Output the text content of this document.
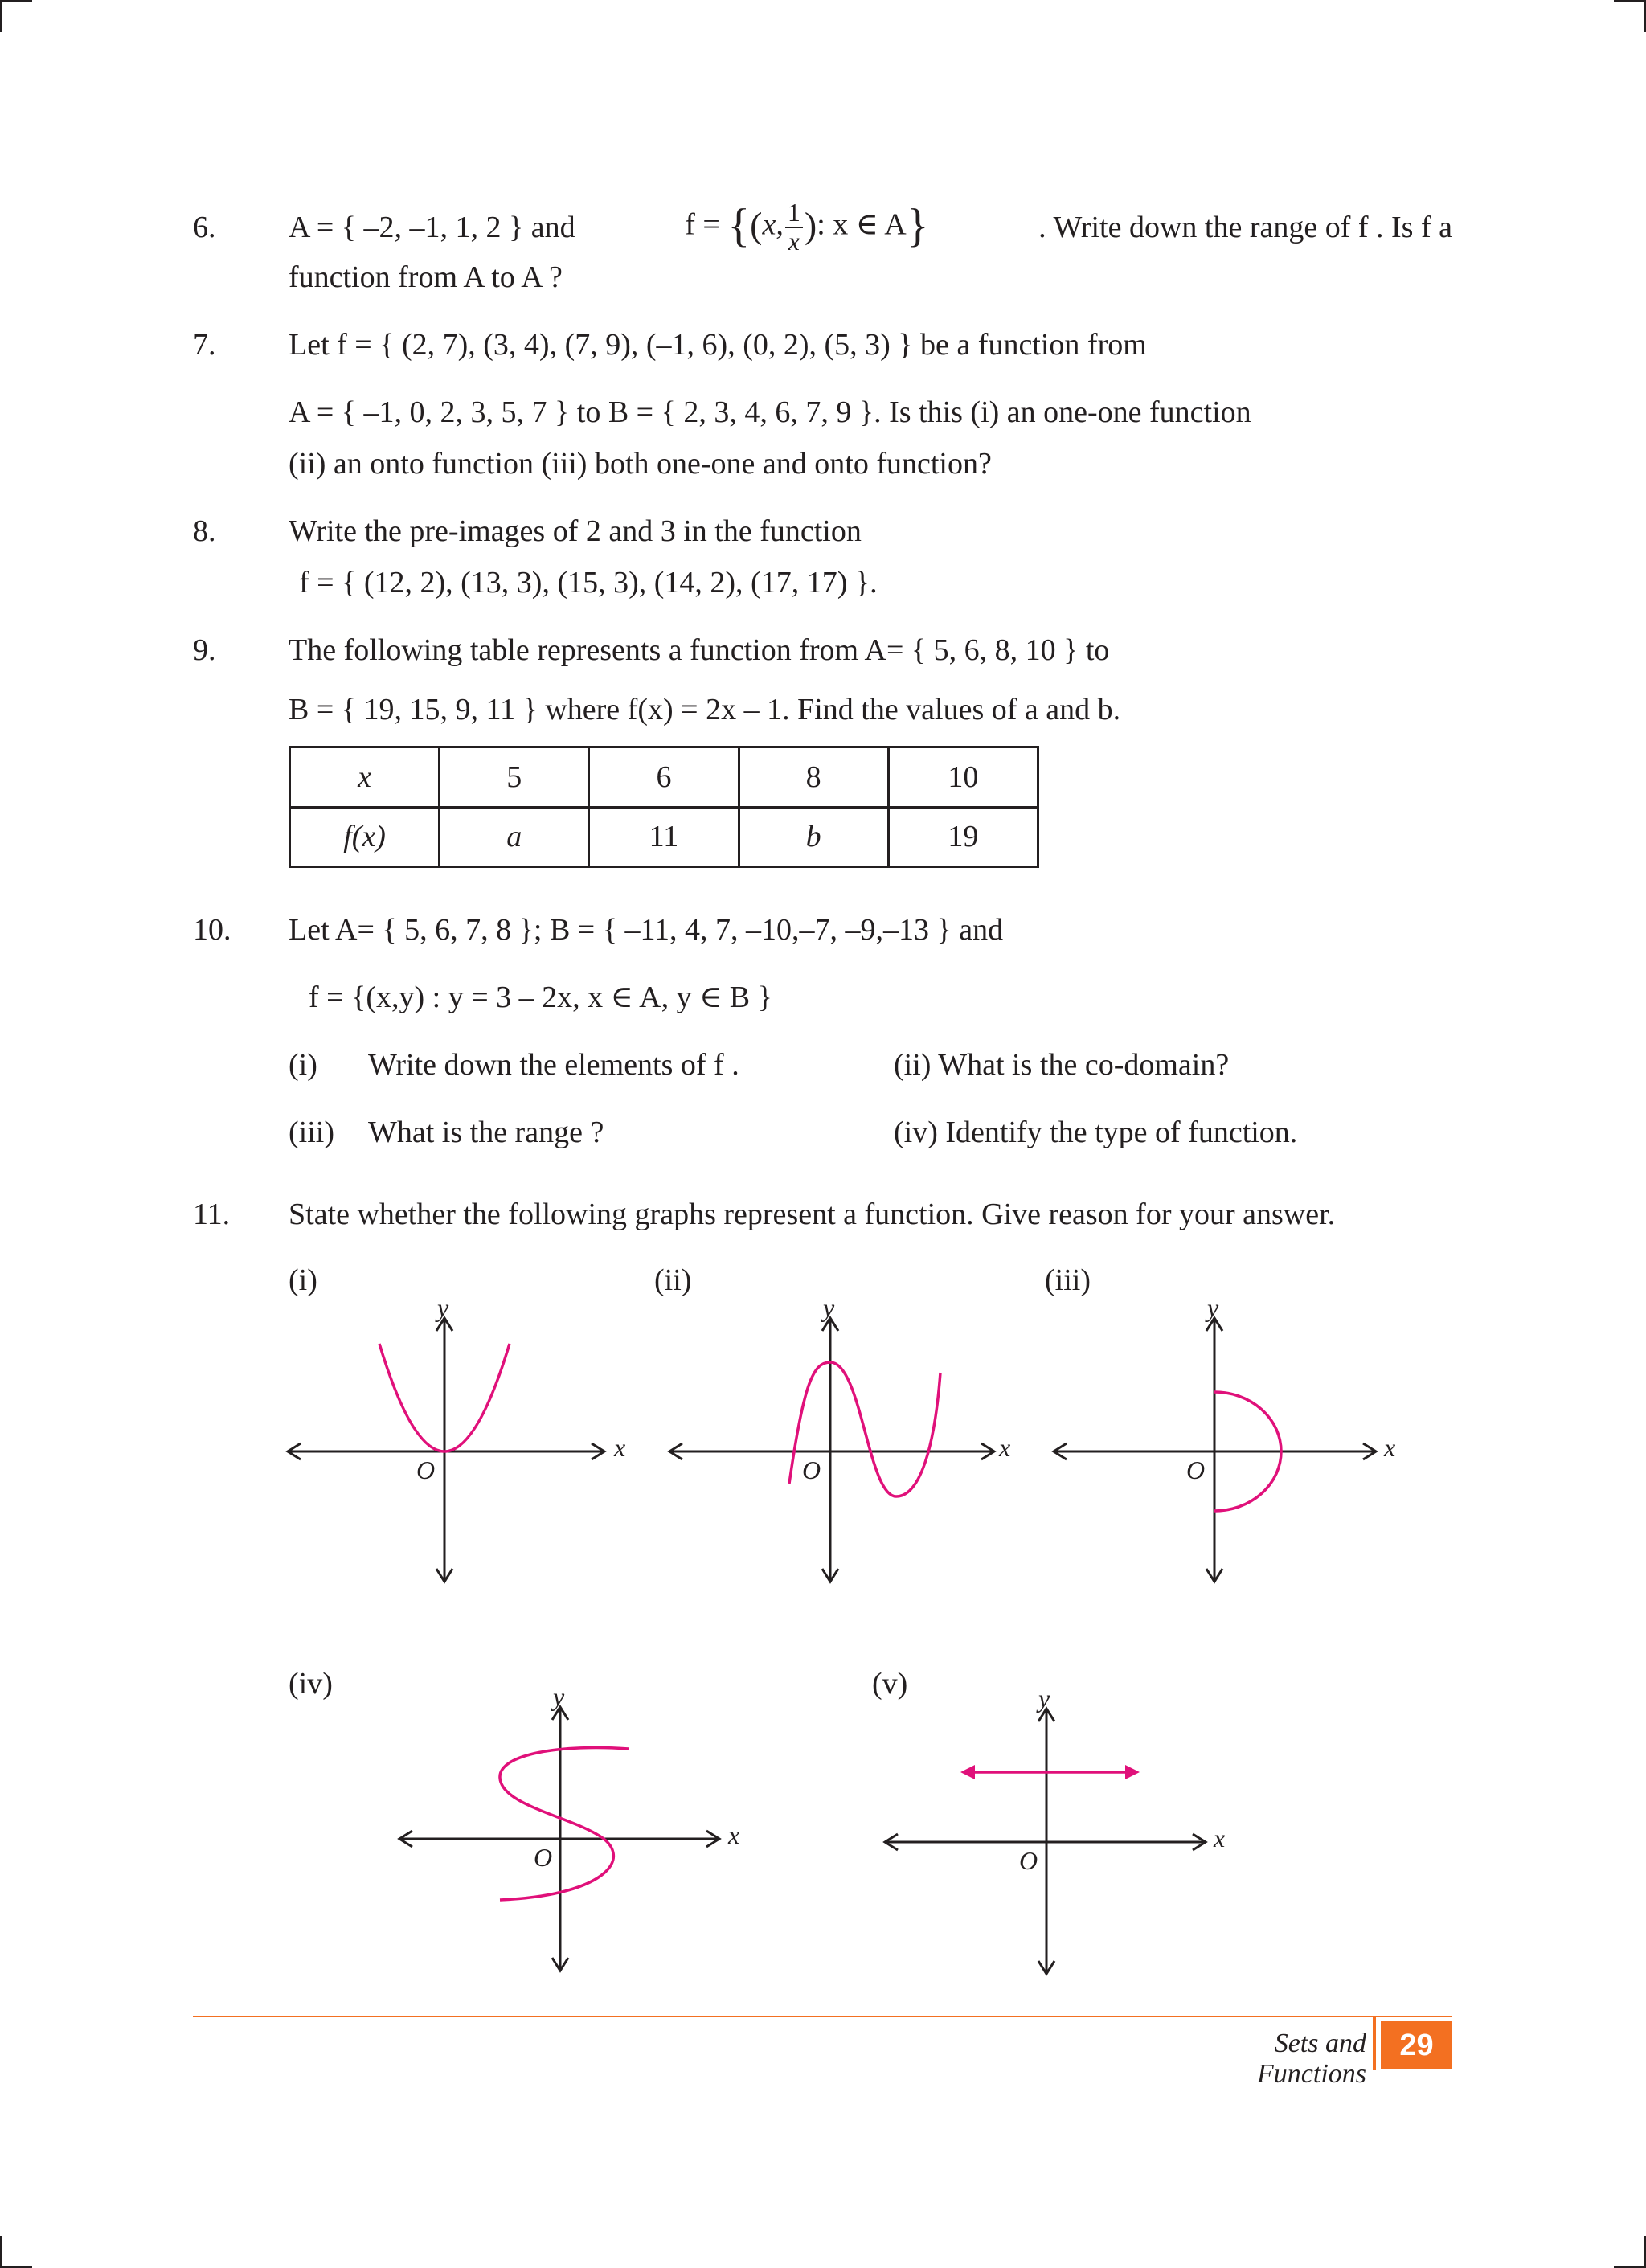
6. A = { –2, –1, 1, 2 } and	f = {(x, $\frac{1}{x}$ ): x ∈ A}	. Write down the range of f . Is f a
function from A to A ?
7. Let f = { (2, 7), (3, 4), (7, 9), (–1, 6), (0, 2), (5, 3) } be a function from
A = { –1, 0, 2, 3, 5, 7 } to B = { 2, 3, 4, 6, 7, 9 }. Is this (i) an one-one function
(ii) an onto function (iii) both one-one and onto function?
8. Write the pre-images of 2 and 3 in the function
f = { (12, 2), (13, 3), (15, 3), (14, 2), (17, 17) }.
9. The following table represents a function from A= { 5, 6, 8, 10 } to
B = { 19, 15, 9, 11 } where f(x) = 2x – 1. Find the values of a and b.
x	5	6	8	10
f(x)	a	11	b	19
10. Let A= { 5, 6, 7, 8 }; B = { –11, 4, 7, –10,–7, –9,–13 } and
f = {(x,y) : y = 3 – 2x, x ∈ A, y ∈ B }
(i) Write down the elements of f .	(ii) What is the co-domain?
(iii) What is the range ?	(iv) Identify the type of function.
11. State whether the following graphs represent a function. Give reason for your answer.
(i)	(ii)	(iii)
(iv)	(v)
y
x
O
y
x
O
y
x
O
y
x
O
y
x
O
Sets and Functions
29
